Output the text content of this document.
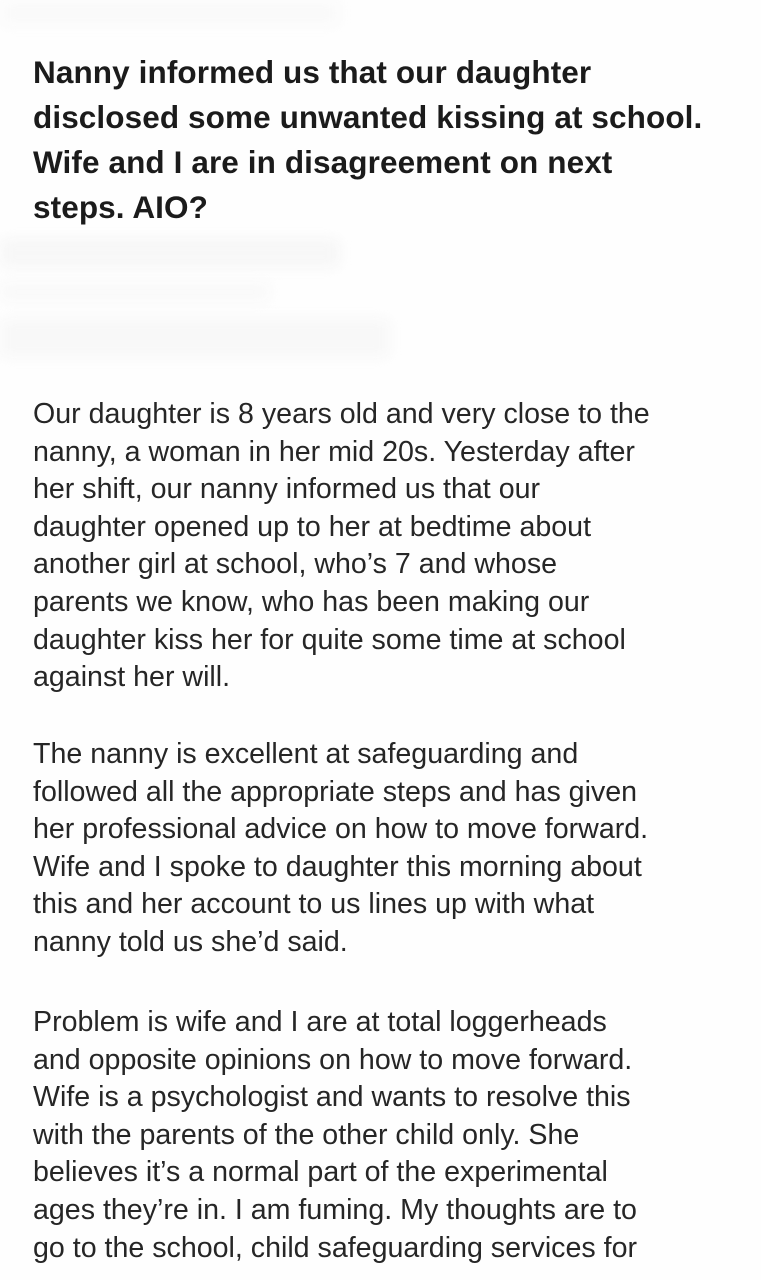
Nanny informed us that our daughter
disclosed some unwanted kissing at school.
Wife and I are in disagreement on next
steps. AIO?

Our daughter is 8 years old and very close to the
nanny, a woman in her mid 20s. Yesterday after
her shift, our nanny informed us that our
daughter opened up to her at bedtime about
another girl at school, who’s 7 and whose
parents we know, who has been making our
daughter kiss her for quite some time at school
against her will.

The nanny is excellent at safeguarding and
followed all the appropriate steps and has given
her professional advice on how to move forward.
Wife and I spoke to daughter this morning about
this and her account to us lines up with what
nanny told us she’d said.

Problem is wife and I are at total loggerheads
and opposite opinions on how to move forward.
Wife is a psychologist and wants to resolve this
with the parents of the other child only. She
believes it’s a normal part of the experimental
ages they’re in. I am fuming. My thoughts are to
go to the school, child safeguarding services for
